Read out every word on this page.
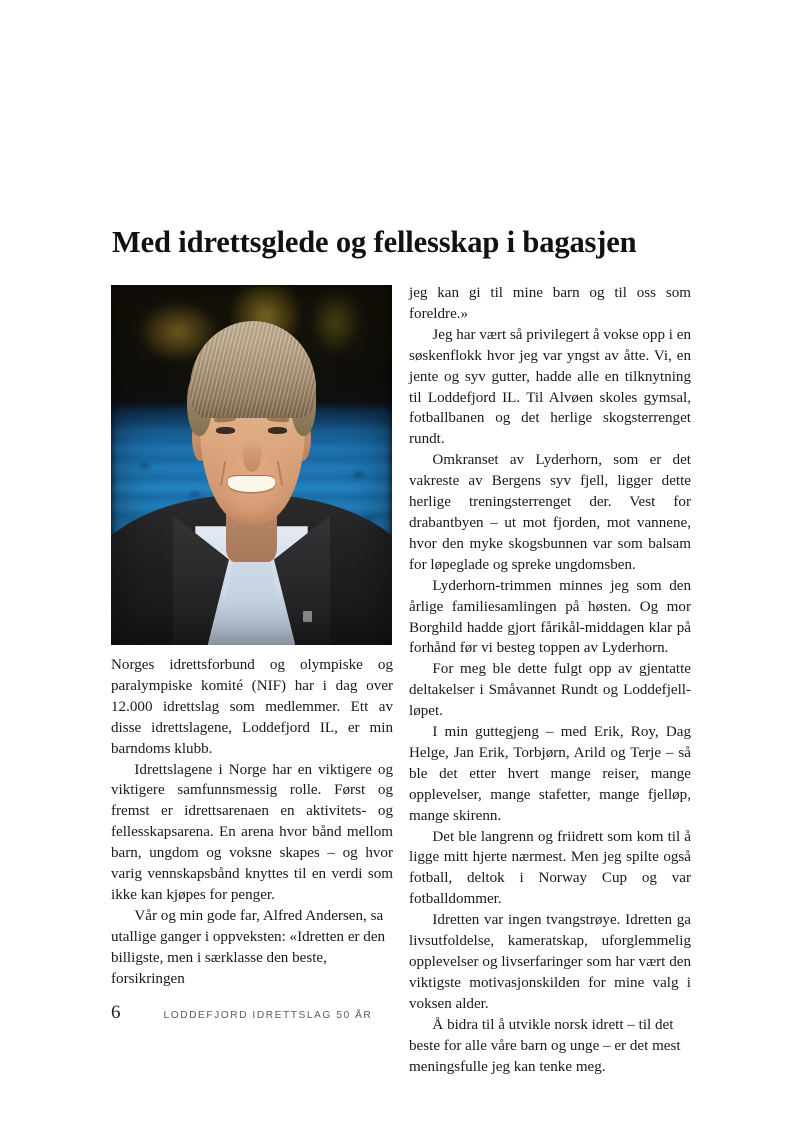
Med idrettsglede og fellesskap i bagasjen

Norges idrettsforbund og olympiske og paralympiske komité (NIF) har i dag over 12.000 idrettslag som medlemmer. Ett av disse idrettslagene, Loddefjord IL, er min barndoms klubb.

Idrettslagene i Norge har en viktigere og viktigere samfunnsmessig rolle. Først og fremst er idrettsarenaen en aktivitets- og fellesskapsarena. En arena hvor bånd mellom barn, ungdom og voksne skapes – og hvor varig vennskapsbånd knyttes til en verdi som ikke kan kjøpes for penger.

Vår og min gode far, Alfred Andersen, sa utallige ganger i oppveksten: «Idretten er den billigste, men i særklasse den beste, forsikringen

jeg kan gi til mine barn og til oss som foreldre.»

Jeg har vært så privilegert å vokse opp i en søskenflokk hvor jeg var yngst av åtte. Vi, en jente og syv gutter, hadde alle en tilknytning til Loddefjord IL. Til Alvøen skoles gymsal, fotballbanen og det herlige skogsterrenget rundt.

Omkranset av Lyderhorn, som er det vakreste av Bergens syv fjell, ligger dette herlige treningsterrenget der. Vest for drabantbyen – ut mot fjorden, mot vannene, hvor den myke skogsbunnen var som balsam for løpeglade og spreke ungdomsben.

Lyderhorn-trimmen minnes jeg som den årlige familiesamlingen på høsten. Og mor Borghild hadde gjort fårikål-middagen klar på forhånd før vi besteg toppen av Lyderhorn.

For meg ble dette fulgt opp av gjentatte deltakelser i Småvannet Rundt og Loddefjell-løpet.

I min guttegjeng – med Erik, Roy, Dag Helge, Jan Erik, Torbjørn, Arild og Terje – så ble det etter hvert mange reiser, mange opplevelser, mange stafetter, mange fjelløp, mange skirenn.

Det ble langrenn og friidrett som kom til å ligge mitt hjerte nærmest. Men jeg spilte også fotball, deltok i Norway Cup og var fotballdommer.

Idretten var ingen tvangstrøye. Idretten ga livsutfoldelse, kameratskap, uforglemmelig opplevelser og livserfaringer som har vært den viktigste motivasjonskilden for mine valg i voksen alder.

Å bidra til å utvikle norsk idrett – til det beste for alle våre barn og unge – er det mest meningsfulle jeg kan tenke meg.

6	LODDEFJORD IDRETTSLAG 50 ÅR
